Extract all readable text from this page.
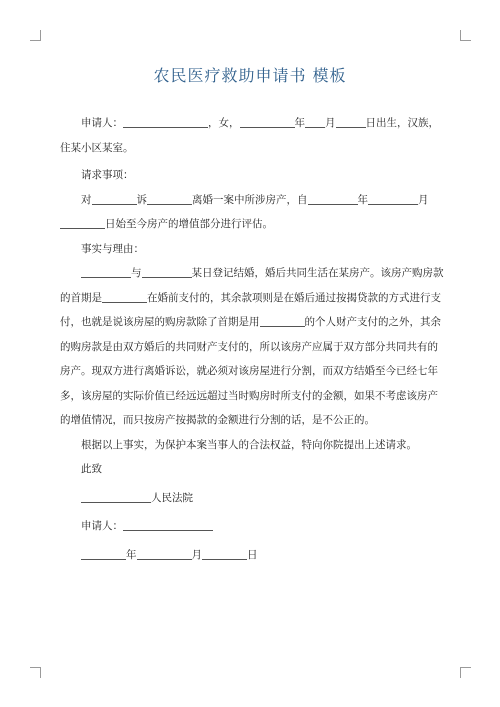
农民医疗救助申请书 模板

申请人：	，女，	年 月	日出生，汉族，住某小区某室。

请求事项：

对	诉	离婚一案中所涉房产，自	年	月
日始至今房产的增值部分进行评估。

事实与理由：

与	某日登记结婚，婚后共同生活在某房产。该房产购房款的首期是	在婚前支付的，其余款项则是在婚后通过按揭贷款的方式进行支付，也就是说该房屋的购房款除了首期是用	的个人财产支付的之外，其余的购房款是由双方婚后的共同财产支付的，所以该房产应属于双方部分共同共有的房产。现双方进行离婚诉讼，就必须对该房屋进行分割，而双方结婚至今已经七年多，该房屋的实际价值已经远远超过当时购房时所支付的金额，如果不考虑该房产的增值情况，而只按房产按揭款的金额进行分割的话，是不公正的。

根据以上事实，为保护本案当事人的合法权益，特向你院提出上述请求。

此致

人民法院

申请人：

年	月	日
